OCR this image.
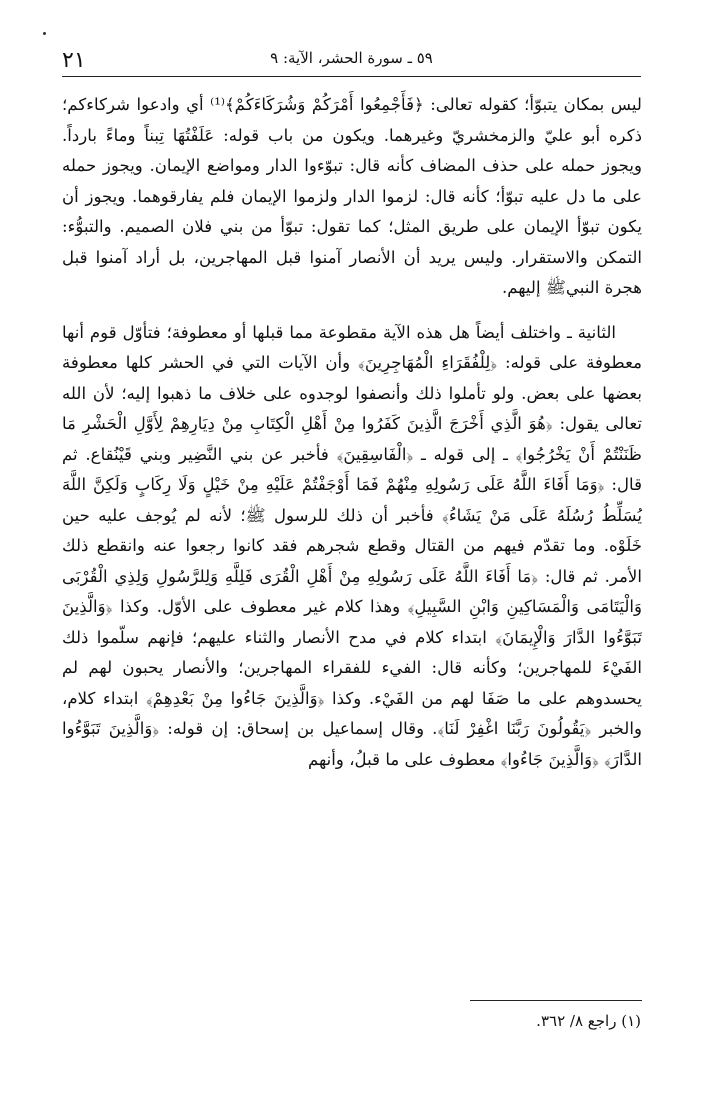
٢١	٥٩ ـ سورة الحشر، الآية: ٩

ليس بمكان يتبوّأ؛ كقوله تعالى: ﴿فَأَجْمِعُوا أَمْرَكُمْ وَشُرَكَاءَكُمْ﴾⁽¹⁾ أي وادعوا شركاءكم؛ ذكره أبو عليّ والزمخشريّ وغيرهما. ويكون من باب قوله: عَلَفْتُهَا تِبناً وماءً بارداً. ويجوز حمله على حذف المضاف كأنه قال: تبوّءوا الدار ومواضع الإيمان. ويجوز حمله على ما دل عليه تبوّأ؛ كأنه قال: لزموا الدار ولزموا الإيمان فلم يفارقوهما. ويجوز أن يكون تبوّأ الإيمان على طريق المثل؛ كما تقول: تبوّأ من بني فلان الصميم. والتبوُّء: التمكن والاستقرار. وليس يريد أن الأنصار آمنوا قبل المهاجرين، بل أراد آمنوا قبل هجرة النبيﷺ إليهم.

الثانية ـ واختلف أيضاً هل هذه الآية مقطوعة مما قبلها أو معطوفة؛ فتأوّل قوم أنها معطوفة على قوله: ﴿لِلْفُقَرَاءِ الْمُهَاجِرِينَ﴾ وأن الآيات التي في الحشر كلها معطوفة بعضها على بعض. ولو تأملوا ذلك وأنصفوا لوجدوه على خلاف ما ذهبوا إليه؛ لأن الله تعالى يقول: ﴿هُوَ الَّذِي أَخْرَجَ الَّذِينَ كَفَرُوا مِنْ أَهْلِ الْكِتَابِ مِنْ دِيَارِهِمْ لِأَوَّلِ الْحَشْرِ مَا ظَنَنْتُمْ أَنْ يَخْرُجُوا﴾ ـ إلى قوله ـ ﴿الْفَاسِقِينَ﴾ فأخبر عن بني النَّضِير وبني قَيْنُقاع. ثم قال: ﴿وَمَا أَفَاءَ اللَّهُ عَلَى رَسُولِهِ مِنْهُمْ فَمَا أَوْجَفْتُمْ عَلَيْهِ مِنْ خَيْلٍ وَلَا رِكَابٍ وَلَكِنَّ اللَّهَ يُسَلِّطُ رُسُلَهُ عَلَى مَنْ يَشَاءُ﴾ فأخبر أن ذلك للرسول ﷺ؛ لأنه لم يُوجف عليه حين خَلَوْه. وما تقدّم فيهم من القتال وقطع شجرهم فقد كانوا رجعوا عنه وانقطع ذلك الأمر. ثم قال: ﴿مَا أَفَاءَ اللَّهُ عَلَى رَسُولِهِ مِنْ أَهْلِ الْقُرَى فَلِلَّهِ وَلِلرَّسُولِ وَلِذِي الْقُرْبَى وَالْيَتَامَى وَالْمَسَاكِينِ وَابْنِ السَّبِيلِ﴾ وهذا كلام غير معطوف على الأوّل. وكذا ﴿وَالَّذِينَ تَبَوَّءُوا الدَّارَ وَالْإِيمَانَ﴾ ابتداء كلام في مدح الأنصار والثناء عليهم؛ فإنهم سلّموا ذلك الفَيْءَ للمهاجرين؛ وكأنه قال: الفيء للفقراء المهاجرين؛ والأنصار يحبون لهم لم يحسدوهم على ما صَفَا لهم من الفَيْء. وكذا ﴿وَالَّذِينَ جَاءُوا مِنْ بَعْدِهِمْ﴾ ابتداء كلام، والخبر ﴿يَقُولُونَ رَبَّنَا اغْفِرْ لَنَا﴾. وقال إسماعيل بن إسحاق: إن قوله: ﴿وَالَّذِينَ تَبَوَّءُوا الدَّارَ﴾ ﴿وَالَّذِينَ جَاءُوا﴾ معطوف على ما قبلُ، وأنهم

(١) راجع ٨/ ٣٦٢.
